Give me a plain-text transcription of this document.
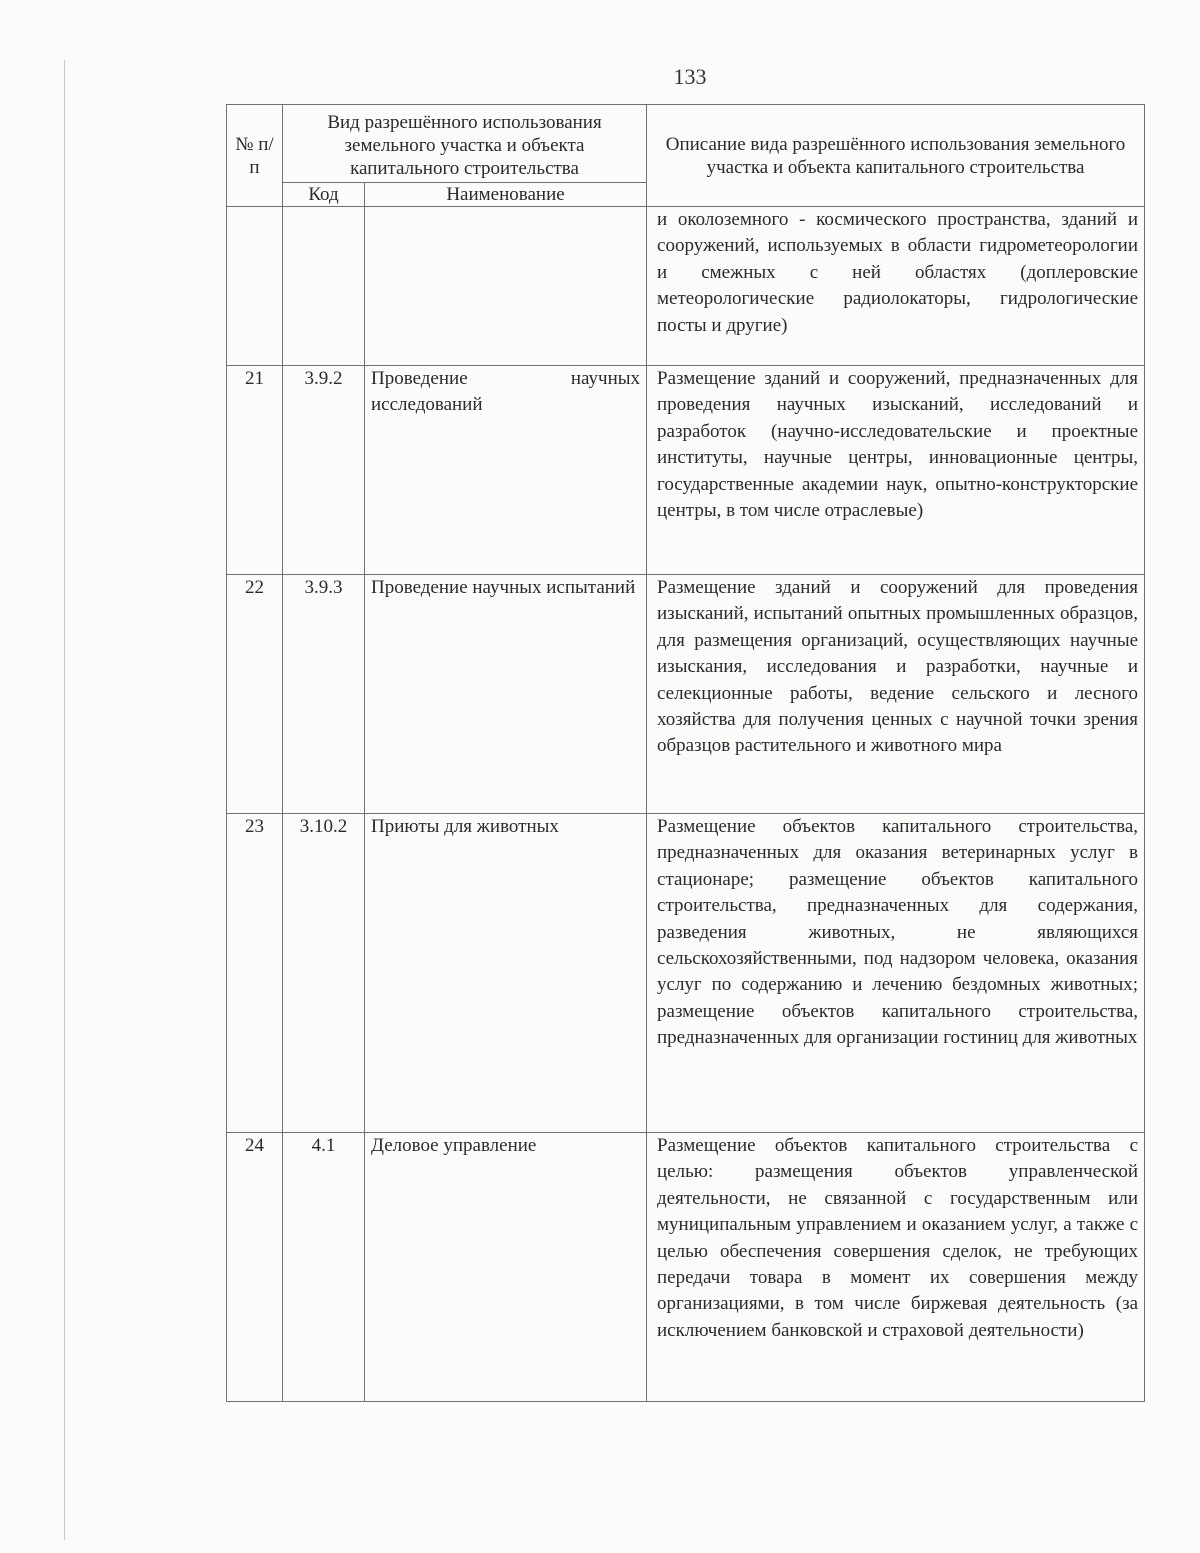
133
№ п/п	Вид разрешённого использования земельного участка и объекта капитального строительства		Описание вида разрешённого использования земельного участка и объекта капитального строительства
	Код	Наименование	
			и околоземного - космического пространства, зданий и сооружений, используемых в области гидрометеорологии и смежных с ней областях (доплеровские метеорологические радиолокаторы, гидрологические посты и другие)
21	3.9.2	Проведение научных исследований	Размещение зданий и сооружений, предназначенных для проведения научных изысканий, исследований и разработок (научно-исследовательские и проектные институты, научные центры, инновационные центры, государственные академии наук, опытно-конструкторские центры, в том числе отраслевые)
22	3.9.3	Проведение научных испытаний	Размещение зданий и сооружений для проведения изысканий, испытаний опытных промышленных образцов, для размещения организаций, осуществляющих научные изыскания, исследования и разработки, научные и селекционные работы, ведение сельского и лесного хозяйства для получения ценных с научной точки зрения образцов растительного и животного мира
23	3.10.2	Приюты для животных	Размещение объектов капитального строительства, предназначенных для оказания ветеринарных услуг в стационаре; размещение объектов капитального строительства, предназначенных для содержания, разведения животных, не являющихся сельскохозяйственными, под надзором человека, оказания услуг по содержанию и лечению бездомных животных; размещение объектов капитального строительства, предназначенных для организации гостиниц для животных
24	4.1	Деловое управление	Размещение объектов капитального строительства с целью: размещения объектов управленческой деятельности, не связанной с государственным или муниципальным управлением и оказанием услуг, а также с целью обеспечения совершения сделок, не требующих передачи товара в момент их совершения между организациями, в том числе биржевая деятельность (за исключением банковской и страховой деятельности)
